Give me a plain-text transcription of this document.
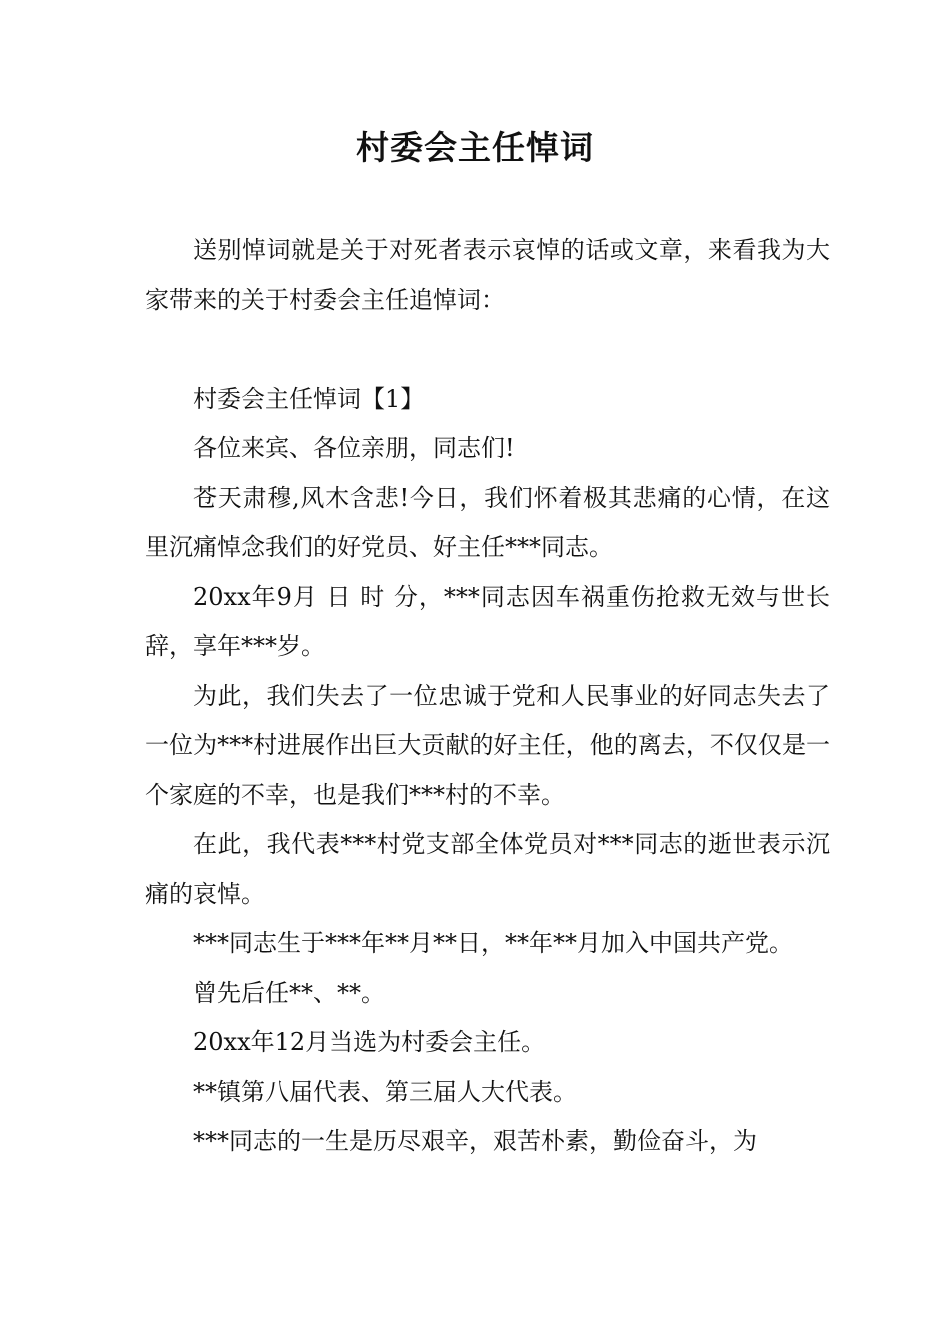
村委会主任悼词

送别悼词就是关于对死者表示哀悼的话或文章，来看我为大家带来的关于村委会主任追悼词：

村委会主任悼词【1】

各位来宾、各位亲朋，同志们!

苍天肃穆,风木含悲!今日，我们怀着极其悲痛的心情，在这里沉痛悼念我们的好党员、好主任***同志。

20xx年9月 日 时 分，***同志因车祸重伤抢救无效与世长辞，享年***岁。

为此，我们失去了一位忠诚于党和人民事业的好同志失去了一位为***村进展作出巨大贡献的好主任，他的离去，不仅仅是一个家庭的不幸，也是我们***村的不幸。

在此，我代表***村党支部全体党员对***同志的逝世表示沉痛的哀悼。

***同志生于***年**月**日，**年**月加入中国共产党。

曾先后任**、**。

20xx年12月当选为村委会主任。

**镇第八届代表、第三届人大代表。

***同志的一生是历尽艰辛，艰苦朴素，勤俭奋斗，为
